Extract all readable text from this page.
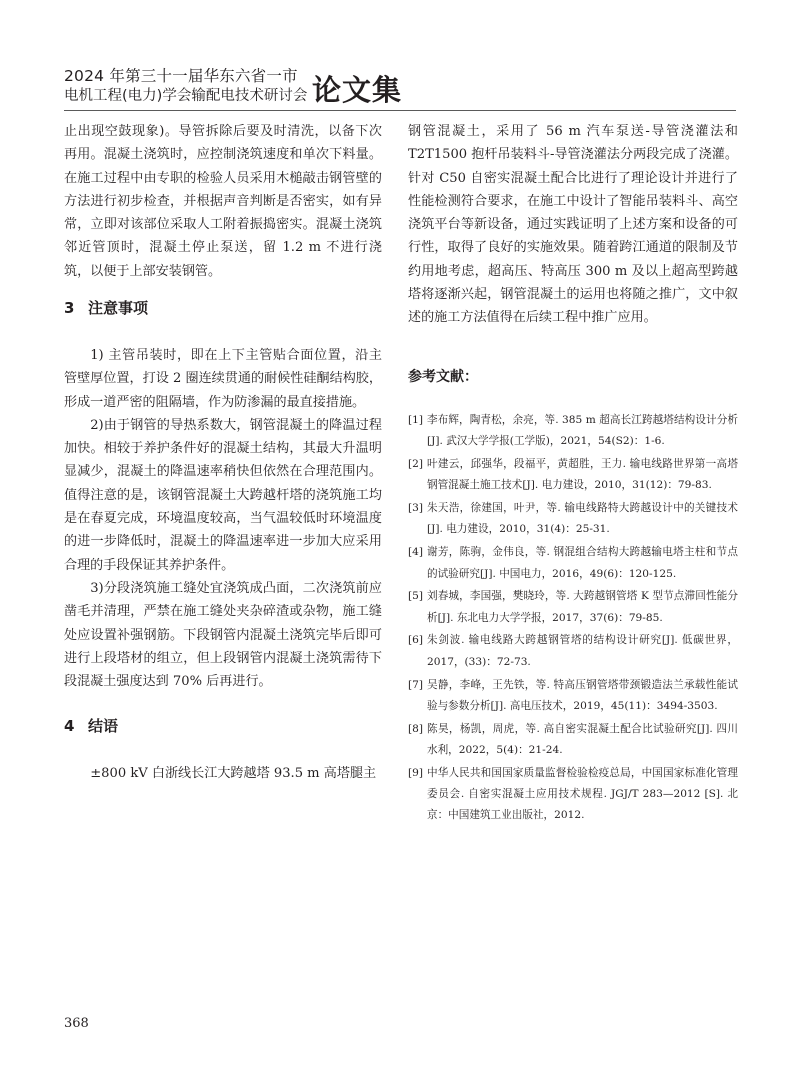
2024 年第三十一届华东六省一市
电机工程(电力)学会输配电技术研讨会 论文集

止出现空鼓现象)。导管拆除后要及时清洗，以备下次再用。混凝土浇筑时，应控制浇筑速度和单次下料量。在施工过程中由专职的检验人员采用木槌敲击钢管壁的方法进行初步检查，并根据声音判断是否密实，如有异常，立即对该部位采取人工附着振捣密实。混凝土浇筑邻近管顶时，混凝土停止泵送，留 1.2 m 不进行浇筑，以便于上部安装钢管。

3 注意事项

1) 主管吊装时，即在上下主管贴合面位置，沿主管壁厚位置，打设 2 圈连续贯通的耐候性硅酮结构胶，形成一道严密的阻隔墙，作为防渗漏的最直接措施。

2)由于钢管的导热系数大，钢管混凝土的降温过程加快。相较于养护条件好的混凝土结构，其最大升温明显减少，混凝土的降温速率稍快但依然在合理范围内。值得注意的是，该钢管混凝土大跨越杆塔的浇筑施工均是在春夏完成，环境温度较高，当气温较低时环境温度的进一步降低时，混凝土的降温速率进一步加大应采用合理的手段保证其养护条件。

3)分段浇筑施工缝处宜浇筑成凸面，二次浇筑前应凿毛并清理，严禁在施工缝处夹杂碎渣或杂物，施工缝处应设置补强钢筋。下段钢管内混凝土浇筑完毕后即可进行上段塔材的组立，但上段钢管内混凝土浇筑需待下段混凝土强度达到 70% 后再进行。

4 结语

±800 kV 白浙线长江大跨越塔 93.5 m 高塔腿主

钢管混凝土，采用了 56 m 汽车泵送-导管浇灌法和 T2T1500 抱杆吊装料斗-导管浇灌法分两段完成了浇灌。针对 C50 自密实混凝土配合比进行了理论设计并进行了性能检测符合要求，在施工中设计了智能吊装料斗、高空浇筑平台等新设备，通过实践证明了上述方案和设备的可行性，取得了良好的实施效果。随着跨江通道的限制及节约用地考虑，超高压、特高压 300 m 及以上超高型跨越塔将逐渐兴起，钢管混凝土的运用也将随之推广，文中叙述的施工方法值得在后续工程中推广应用。

参考文献：
[1] 李布辉，陶青松，余亮，等. 385 m 超高长江跨越塔结构设计分析[J]. 武汉大学学报(工学版)，2021，54(S2)：1-6.
[2] 叶建云，邱强华，段福平，黄超胜，王力. 输电线路世界第一高塔钢管混凝土施工技术[J]. 电力建设，2010，31(12)：79-83.
[3] 朱天浩，徐建国，叶尹，等. 输电线路特大跨越设计中的关键技术[J]. 电力建设，2010，31(4)：25-31.
[4] 谢芳，陈驹，金伟良，等. 钢混组合结构大跨越输电塔主柱和节点的试验研究[J]. 中国电力，2016，49(6)：120-125.
[5] 刘春城，李国强，樊晓玲，等. 大跨越钢管塔 K 型节点滞回性能分析[J]. 东北电力大学学报，2017，37(6)：79-85.
[6] 朱剑波. 输电线路大跨越钢管塔的结构设计研究[J]. 低碳世界，2017，(33)：72-73.
[7] 吴静，李峰，王先铁，等. 特高压钢管塔带颈锻造法兰承载性能试验与参数分析[J]. 高电压技术，2019，45(11)：3494-3503.
[8] 陈昊，杨凯，周虎，等. 高自密实混凝土配合比试验研究[J]. 四川水利，2022，5(4)：21-24.
[9] 中华人民共和国国家质量监督检验检疫总局，中国国家标准化管理委员会. 自密实混凝土应用技术规程. JGJ/T 283—2012 [S]. 北京：中国建筑工业出版社，2012.
368
